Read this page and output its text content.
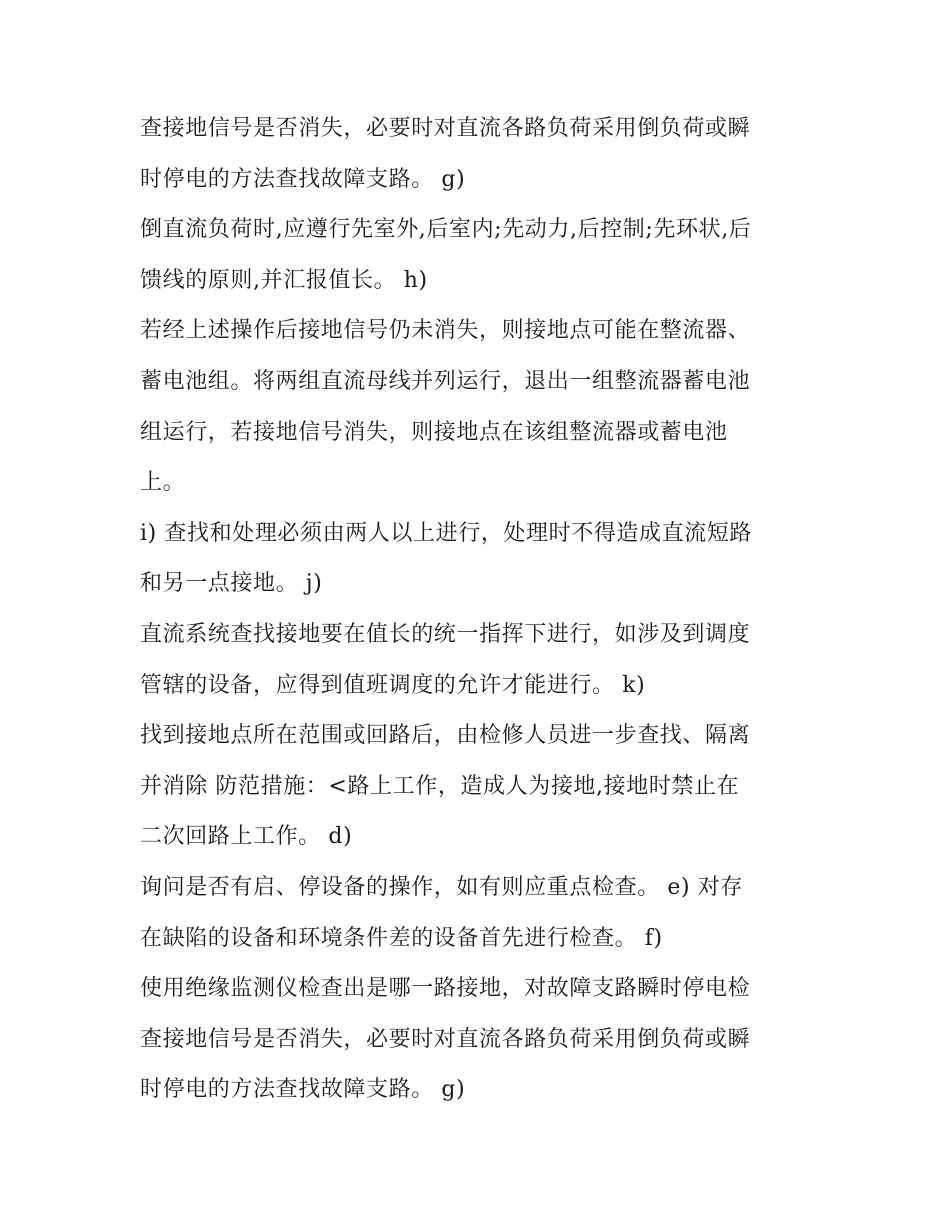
查接地信号是否消失，必要时对直流各路负荷采用倒负荷或瞬
时停电的方法查找故障支路。 g)
倒直流负荷时,应遵行先室外,后室内;先动力,后控制;先环状,后
馈线的原则,并汇报值长。 h)
若经上述操作后接地信号仍未消失，则接地点可能在整流器、
蓄电池组。将两组直流母线并列运行，退出一组整流器蓄电池
组运行，若接地信号消失，则接地点在该组整流器或蓄电池
上。
i) 查找和处理必须由两人以上进行，处理时不得造成直流短路
和另一点接地。 j)
直流系统查找接地要在值长的统一指挥下进行，如涉及到调度
管辖的设备，应得到值班调度的允许才能进行。 k)
找到接地点所在范围或回路后，由检修人员进一步查找、隔离
并消除 防范措施：<路上工作，造成人为接地,接地时禁止在
二次回路上工作。 d)
询问是否有启、停设备的操作，如有则应重点检查。 e) 对存
在缺陷的设备和环境条件差的设备首先进行检查。 f)
使用绝缘监测仪检查出是哪一路接地，对故障支路瞬时停电检
查接地信号是否消失，必要时对直流各路负荷采用倒负荷或瞬
时停电的方法查找故障支路。 g)
